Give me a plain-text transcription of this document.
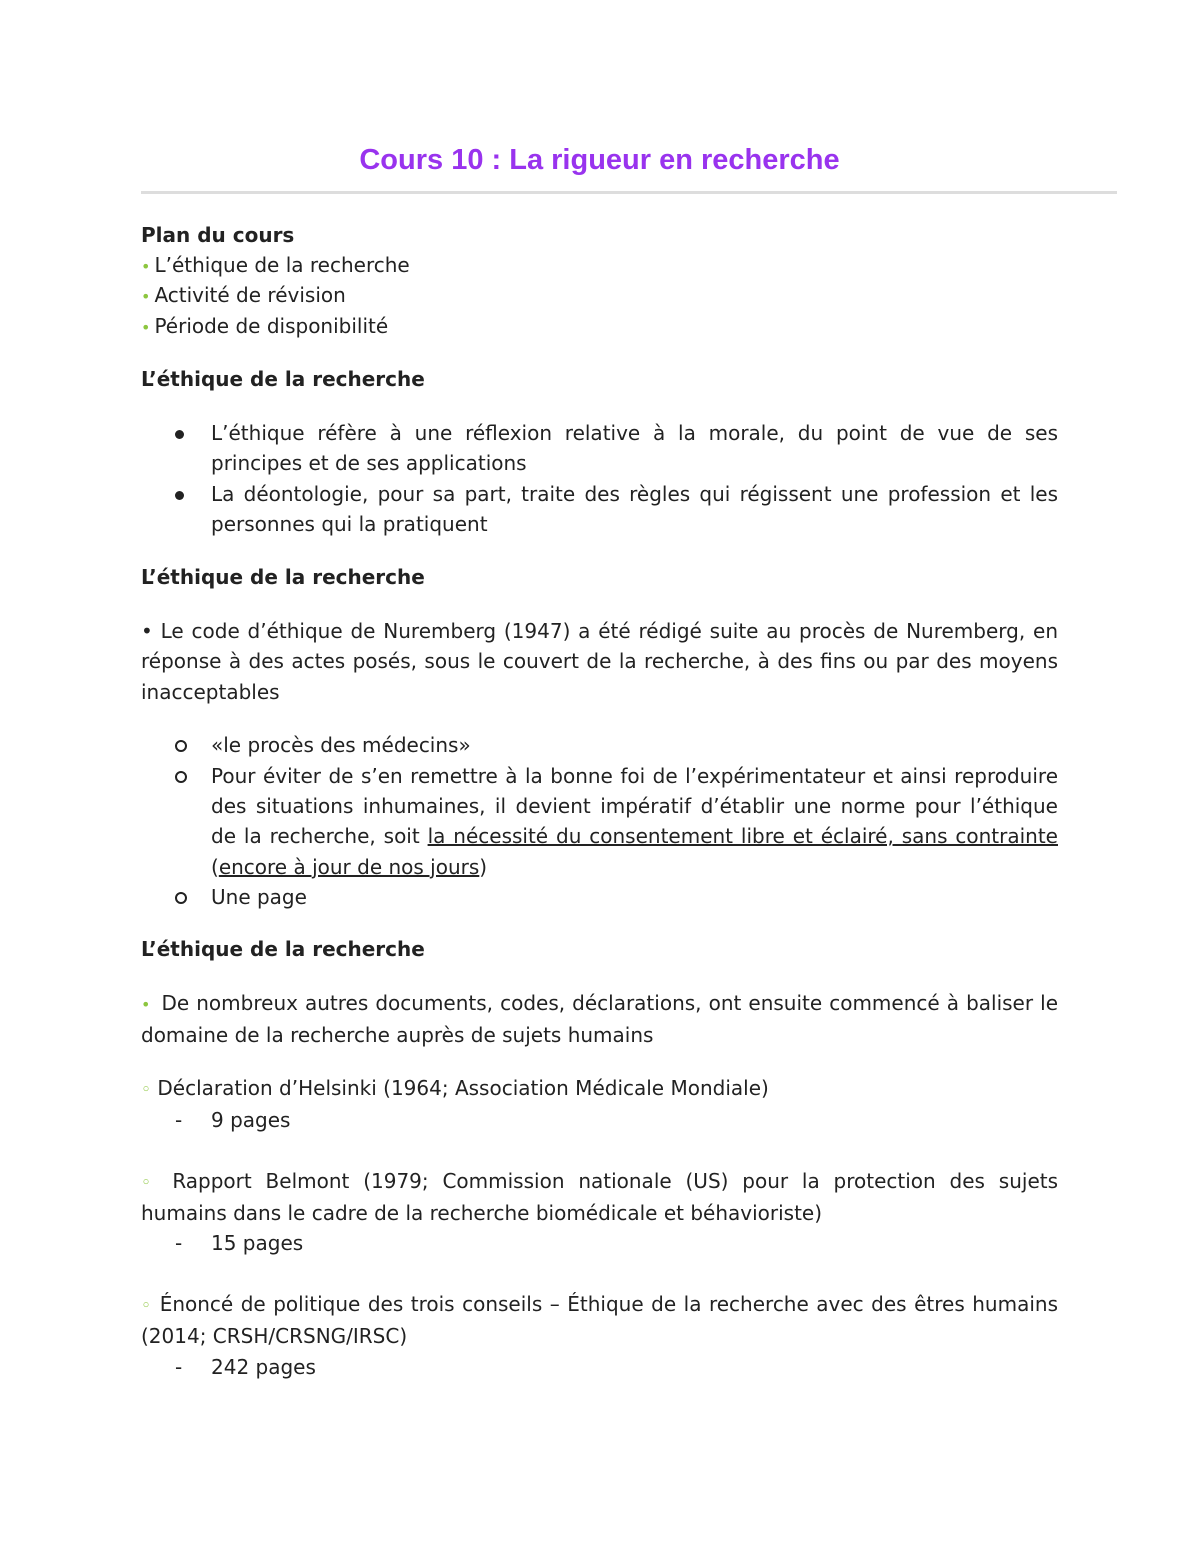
Cours 10 : La rigueur en recherche

Plan du cours

• L’éthique de la recherche

• Activité de révision

• Période de disponibilité

L’éthique de la recherche

L’éthique réfère à une réflexion relative à la morale, du point de vue de ses principes et de ses applications
La déontologie, pour sa part, traite des règles qui régissent une profession et les personnes qui la pratiquent

L’éthique de la recherche

• Le code d’éthique de Nuremberg (1947) a été rédigé suite au procès de Nuremberg, en réponse à des actes posés, sous le couvert de la recherche, à des fins ou par des moyens inacceptables

«le procès des médecins»
Pour éviter de s’en remettre à la bonne foi de l’expérimentateur et ainsi reproduire des situations inhumaines, il devient impératif d’établir une norme pour l’éthique de la recherche, soit la nécessité du consentement libre et éclairé, sans contrainte (encore à jour de nos jours)
Une page

L’éthique de la recherche

• De nombreux autres documents, codes, déclarations, ont ensuite commencé à baliser le domaine de la recherche auprès de sujets humains

◦ Déclaration d’Helsinki (1964; Association Médicale Mondiale)

- 9 pages

◦ Rapport Belmont (1979; Commission nationale (US) pour la protection des sujets humains dans le cadre de la recherche biomédicale et béhavioriste)

- 15 pages

◦ Énoncé de politique des trois conseils – Éthique de la recherche avec des êtres humains (2014; CRSH/CRSNG/IRSC)

- 242 pages
